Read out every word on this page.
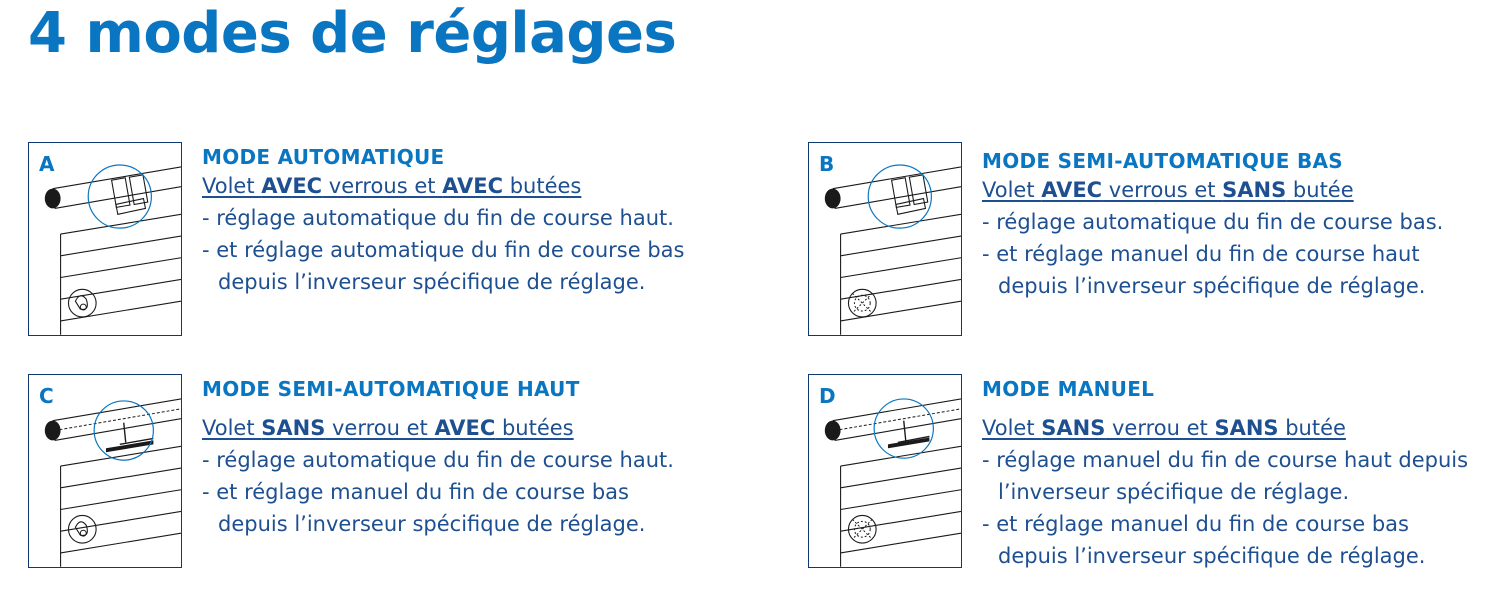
4 modes de réglages
A	MODE AUTOMATIQUE
Volet AVEC verrous et AVEC butées
- réglage automatique du fin de course haut.
- et réglage automatique du fin de course bas
depuis l’inverseur spécifique de réglage.
B	MODE SEMI-AUTOMATIQUE BAS
Volet AVEC verrous et SANS butée
- réglage automatique du fin de course bas.
- et réglage manuel du fin de course haut
depuis l’inverseur spécifique de réglage.
C	MODE SEMI-AUTOMATIQUE HAUT
Volet SANS verrou et AVEC butées
- réglage automatique du fin de course haut.
- et réglage manuel du fin de course bas
depuis l’inverseur spécifique de réglage.
D	MODE MANUEL
Volet SANS verrou et SANS butée
- réglage manuel du fin de course haut depuis
l’inverseur spécifique de réglage.
- et réglage manuel du fin de course bas
depuis l’inverseur spécifique de réglage.
